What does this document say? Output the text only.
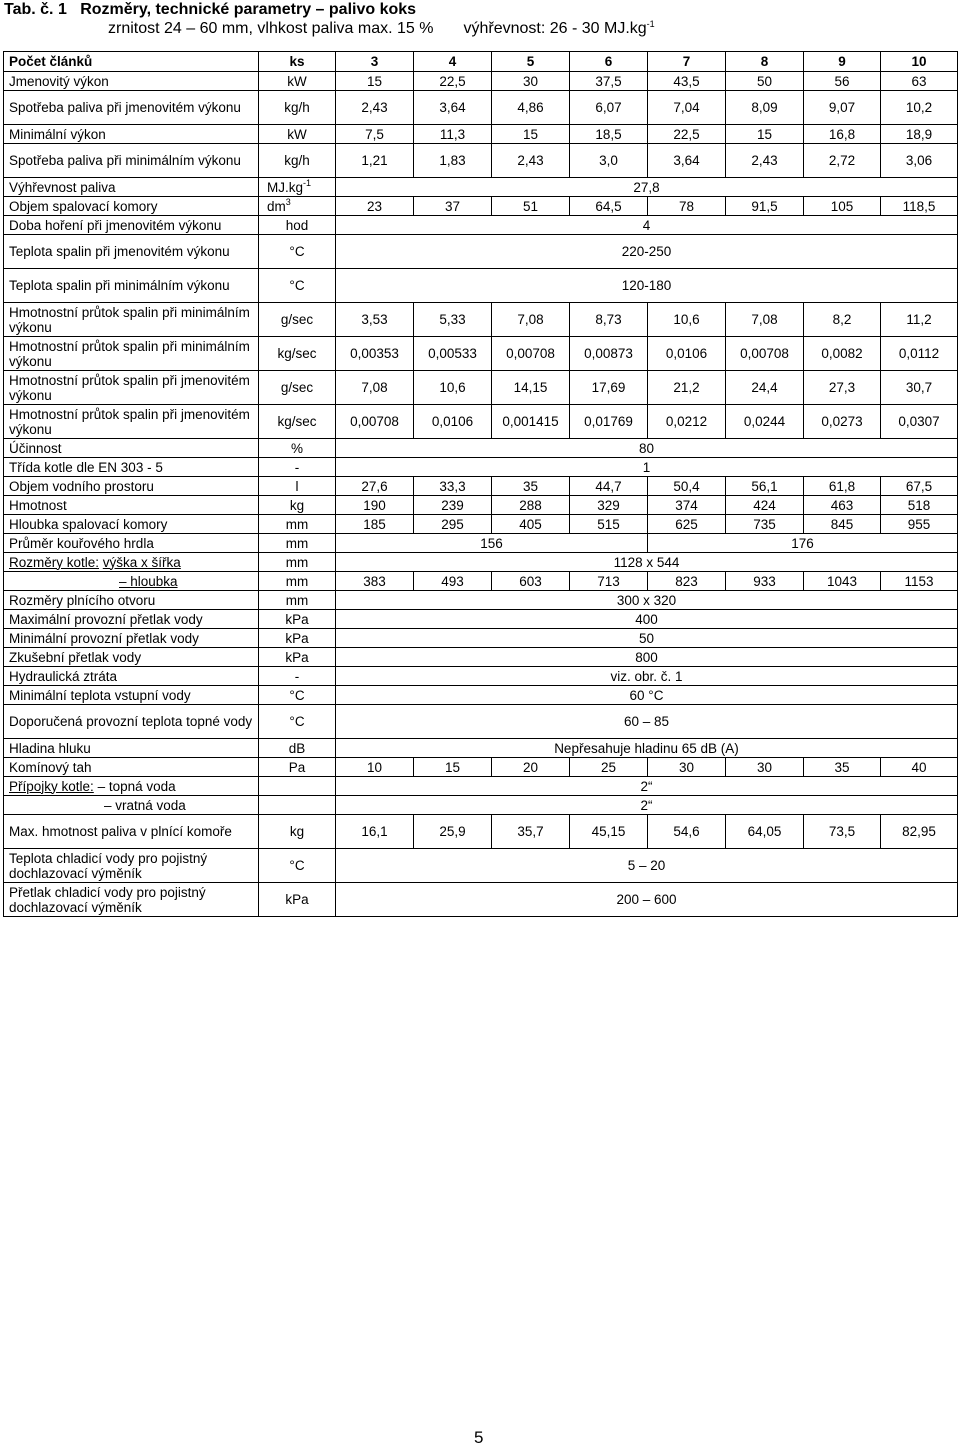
Tab. č. 1 Rozměry, technické parametry – palivo koks
zrnitost 24 – 60 mm, vlhkost paliva max. 15 % výhřevnost: 26 - 30 $MJ.kg^{-1}$
Počet článků	ks	3	4	5	6	7	8	9	10
Jmenovitý výkon	kW	15	22,5	30	37,5	43,5	50	56	63
Spotřeba paliva při jmenovitém výkonu	kg/h	2,43	3,64	4,86	6,07	7,04	8,09	9,07	10,2
Minimální výkon	kW	7,5	11,3	15	18,5	22,5	15	16,8	18,9
Spotřeba paliva při minimálním výkonu	kg/h	1,21	1,83	2,43	3,0	3,64	2,43	2,72	3,06
Výhřevnost paliva	$MJ.kg^{-1}$	27,8							
Objem spalovací komory	$dm^3$	23	37	51	64,5	78	91,5	105	118,5
Doba hoření při jmenovitém výkonu	hod	4							
Teplota spalin při jmenovitém výkonu	°C	220-250							
Teplota spalin při minimálním výkonu	°C	120-180							
Hmotnostní průtok spalin při minimálním výkonu	g/sec	3,53	5,33	7,08	8,73	10,6	7,08	8,2	11,2
Hmotnostní průtok spalin při minimálním výkonu	kg/sec	0,00353	0,00533	0,00708	0,00873	0,0106	0,00708	0,0082	0,0112
Hmotnostní průtok spalin při jmenovitém výkonu	g/sec	7,08	10,6	14,15	17,69	21,2	24,4	27,3	30,7
Hmotnostní průtok spalin při jmenovitém výkonu	kg/sec	0,00708	0,0106	0,001415	0,01769	0,0212	0,0244	0,0273	0,0307
Účinnost	%	80							
Třída kotle dle EN 303 - 5	-	1							
Objem vodního prostoru	l	27,6	33,3	35	44,7	50,4	56,1	61,8	67,5
Hmotnost	kg	190	239	288	329	374	424	463	518
Hloubka spalovací komory	mm	185	295	405	515	625	735	845	955
Průměr kouřového hrdla	mm	156				176			
Rozměry kotle: výška x šířka	mm	1128 x 544							
– hloubka	mm	383	493	603	713	823	933	1043	1153
Rozměry plnícího otvoru	mm	300 x 320							
Maximální provozní přetlak vody	kPa	400							
Minimální provozní přetlak vody	kPa	50							
Zkušební přetlak vody	kPa	800							
Hydraulická ztráta	-	viz. obr. č. 1							
Minimální teplota vstupní vody	°C	60 °C							
Doporučená provozní teplota topné vody	°C	60 – 85							
Hladina hluku	dB	Nepřesahuje hladinu 65 dB (A)							
Komínový tah	Pa	10	15	20	25	30	30	35	40
Přípojky kotle: – topná voda		2“							
– vratná voda		2“							
Max. hmotnost paliva v plnící komoře	kg	16,1	25,9	35,7	45,15	54,6	64,05	73,5	82,95
Teplota chladicí vody pro pojistný dochlazovací výměník	°C	5 – 20							
Přetlak chladicí vody pro pojistný dochlazovací výměník	kPa	200 – 600							
5
